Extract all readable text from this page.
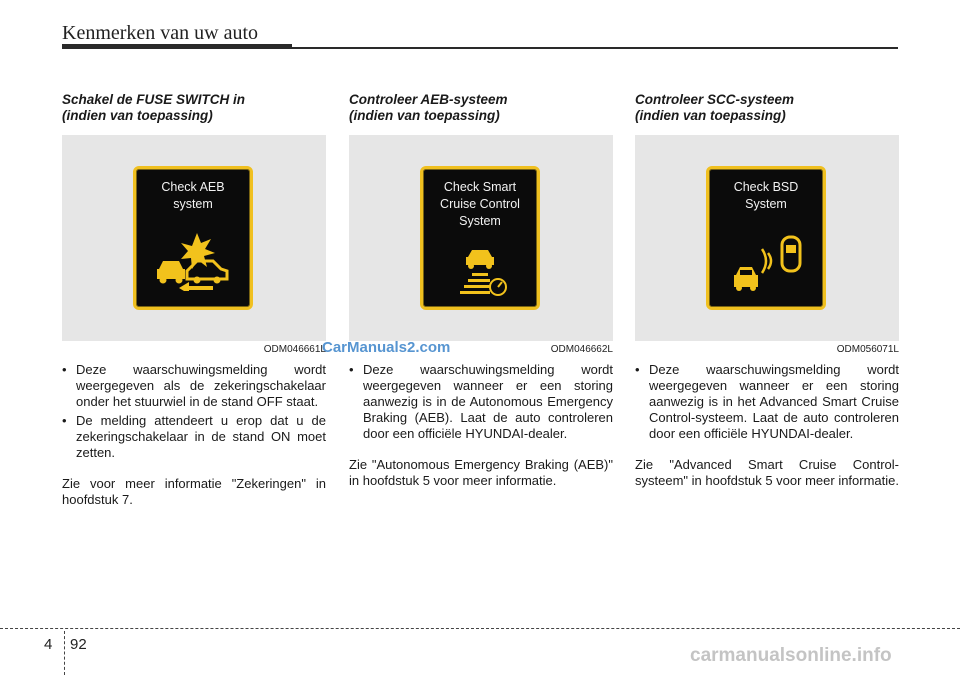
Kenmerken van uw auto
Schakel de FUSE SWITCH in
(indien van toepassing)
Check AEB
system
ODM046661L
• Deze waarschuwingsmelding wordt weergegeven als de zekeringschakelaar onder het stuurwiel in de stand OFF staat.
• De melding attendeert u erop dat u de zekeringschakelaar in de stand ON moet zetten.

Zie voor meer informatie "Zekeringen" in hoofdstuk 7.

Controleer AEB-systeem
(indien van toepassing)
Check Smart
Cruise Control
System
ODM046662L
• Deze waarschuwingsmelding wordt weergegeven wanneer er een storing aanwezig is in de Autonomous Emergency Braking (AEB). Laat de auto controleren door een officiële HYUNDAI-dealer.

Zie "Autonomous Emergency Braking (AEB)" in hoofdstuk 5 voor meer informatie.

Controleer SCC-systeem
(indien van toepassing)
Check BSD
System
ODM056071L
• Deze waarschuwingsmelding wordt weergegeven wanneer er een storing aanwezig is in het Advanced Smart Cruise Control-systeem. Laat de auto controleren door een officiële HYUNDAI-dealer.

Zie "Advanced Smart Cruise Control-systeem" in hoofdstuk 5 voor meer informatie.

CarManuals2.com
4 92
carmanualsonline.info
